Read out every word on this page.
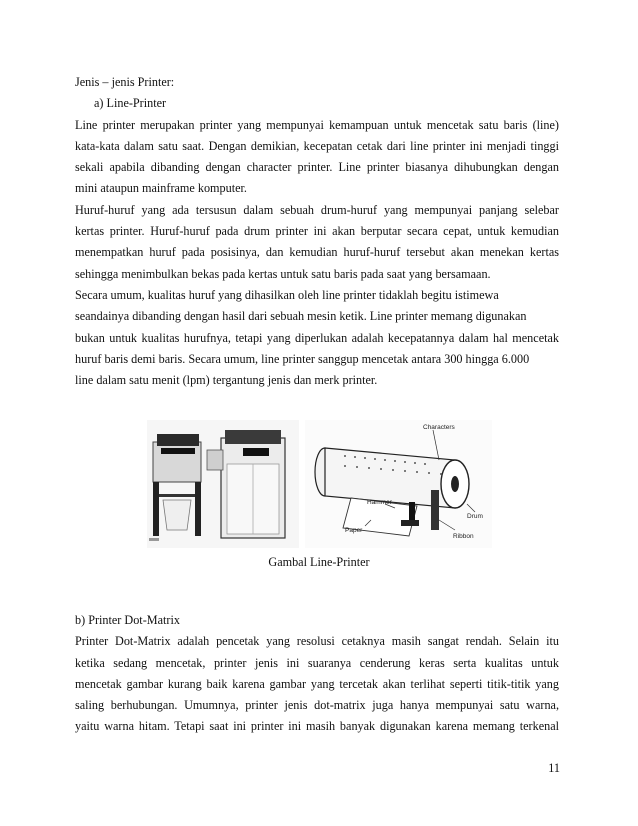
Jenis – jenis Printer:
a) Line-Printer
Line printer merupakan printer yang mempunyai kemampuan untuk mencetak satu baris (line)
kata-kata dalam satu saat. Dengan demikian, kecepatan cetak dari line printer ini menjadi tinggi
sekali apabila dibanding dengan character printer. Line printer biasanya dihubungkan dengan
mini ataupun mainframe komputer.
Huruf-huruf yang ada tersusun dalam sebuah drum-huruf yang mempunyai panjang selebar
kertas printer. Huruf-huruf pada drum printer ini akan berputar secara cepat, untuk kemudian
menempatkan huruf pada posisinya, dan kemudian huruf-huruf tersebut akan menekan kertas
sehingga menimbulkan bekas pada kertas untuk satu baris pada saat yang bersamaan.
Secara umum, kualitas huruf yang dihasilkan oleh line printer tidaklah begitu istimewa
seandainya dibanding dengan hasil dari sebuah mesin ketik. Line printer memang digunakan
bukan untuk kualitas hurufnya, tetapi yang diperlukan adalah kecepatannya dalam hal mencetak
huruf baris demi baris. Secara umum, line printer sanggup mencetak antara 300 hingga 6.000
line dalam satu menit (lpm) tergantung jenis dan merk printer.
Characters
Drum
Ribbon
Paper
Hammer
Gambal Line-Printer
b) Printer Dot-Matrix
Printer Dot-Matrix adalah pencetak yang resolusi cetaknya masih sangat rendah. Selain itu
ketika sedang mencetak, printer jenis ini suaranya cenderung keras serta kualitas untuk
mencetak gambar kurang baik karena gambar yang tercetak akan terlihat seperti titik-titik yang
saling berhubungan. Umumnya, printer jenis dot-matrix juga hanya mempunyai satu warna,
yaitu warna hitam. Tetapi saat ini printer ini masih banyak digunakan karena memang terkenal
11
